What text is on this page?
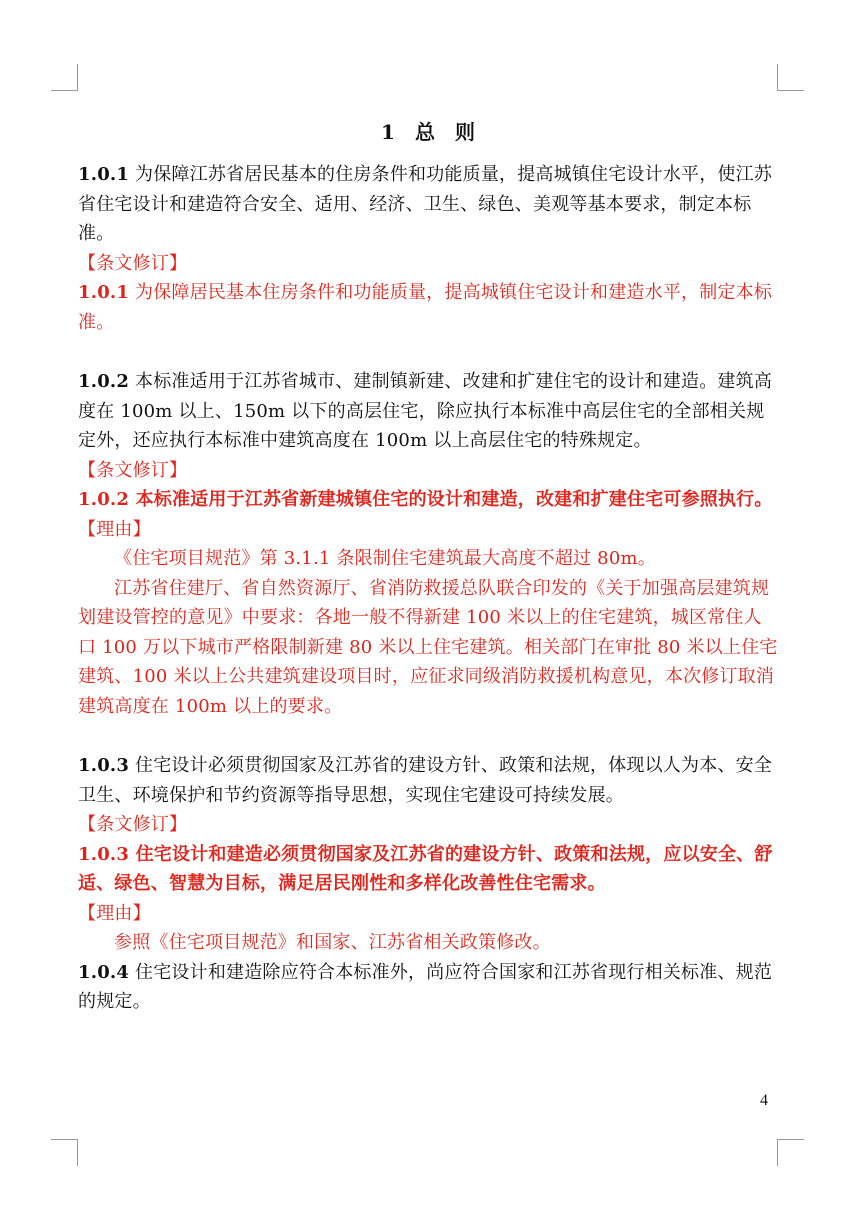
1　总　则

1.0.1 为保障江苏省居民基本的住房条件和功能质量，提高城镇住宅设计水平，使江苏省住宅设计和建造符合安全、适用、经济、卫生、绿色、美观等基本要求，制定本标准。

【条文修订】

1.0.1 为保障居民基本住房条件和功能质量，提高城镇住宅设计和建造水平，制定本标准。

1.0.2 本标准适用于江苏省城市、建制镇新建、改建和扩建住宅的设计和建造。建筑高度在 100m 以上、150m 以下的高层住宅，除应执行本标准中高层住宅的全部相关规定外，还应执行本标准中建筑高度在 100m 以上高层住宅的特殊规定。

【条文修订】

1.0.2 本标准适用于江苏省新建城镇住宅的设计和建造，改建和扩建住宅可参照执行。

【理由】

《住宅项目规范》第 3.1.1 条限制住宅建筑最大高度不超过 80m。

江苏省住建厅、省自然资源厅、省消防救援总队联合印发的《关于加强高层建筑规划建设管控的意见》中要求：各地一般不得新建 100 米以上的住宅建筑，城区常住人口 100 万以下城市严格限制新建 80 米以上住宅建筑。相关部门在审批 80 米以上住宅建筑、100 米以上公共建筑建设项目时，应征求同级消防救援机构意见，本次修订取消建筑高度在 100m 以上的要求。

1.0.3 住宅设计必须贯彻国家及江苏省的建设方针、政策和法规，体现以人为本、安全卫生、环境保护和节约资源等指导思想，实现住宅建设可持续发展。

【条文修订】

1.0.3 住宅设计和建造必须贯彻国家及江苏省的建设方针、政策和法规，应以安全、舒适、绿色、智慧为目标，满足居民刚性和多样化改善性住宅需求。

【理由】

参照《住宅项目规范》和国家、江苏省相关政策修改。

1.0.4 住宅设计和建造除应符合本标准外，尚应符合国家和江苏省现行相关标准、规范的规定。

4
